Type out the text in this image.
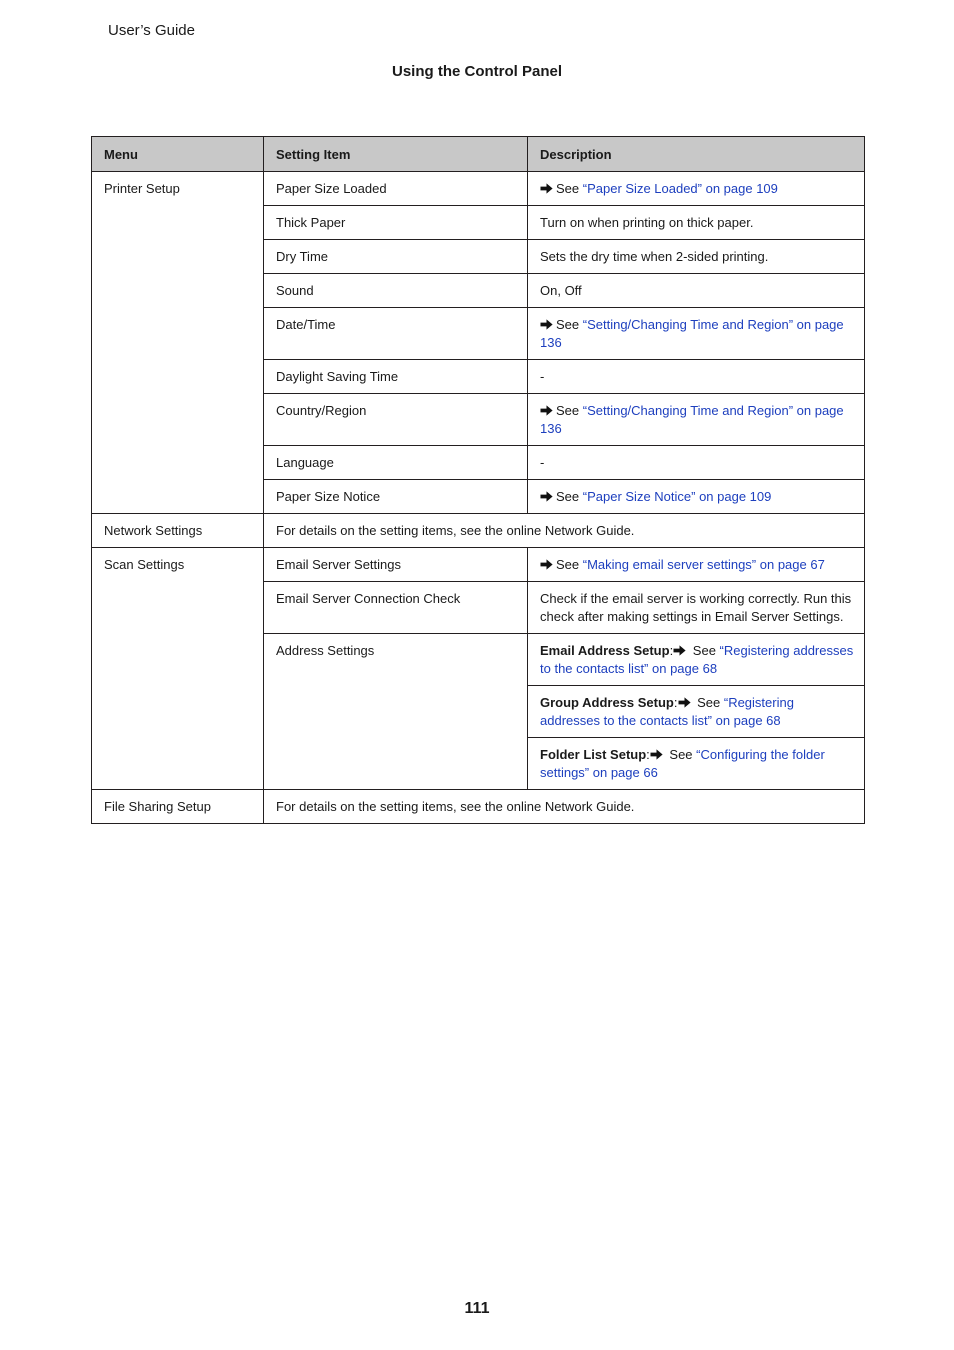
User’s Guide
Using the Control Panel
Menu	Setting Item	Description
Printer Setup	Paper Size Loaded	See “Paper Size Loaded” on page 109
	Thick Paper	Turn on when printing on thick paper.
	Dry Time	Sets the dry time when 2-sided printing.
	Sound	On, Off
	Date/Time	See “Setting/Changing Time and Region” on page 136
	Daylight Saving Time	-
	Country/Region	See “Setting/Changing Time and Region” on page 136
	Language	-
	Paper Size Notice	See “Paper Size Notice” on page 109
Network Settings	For details on the setting items, see the online Network Guide.	
Scan Settings	Email Server Settings	See “Making email server settings” on page 67
	Email Server Connection Check	Check if the email server is working correctly. Run this check after making settings in Email Server Settings.
	Address Settings	Email Address Setup: See “Registering addresses to the contacts list” on page 68
		Group Address Setup: See “Registering addresses to the contacts list” on page 68
		Folder List Setup: See “Configuring the folder settings” on page 66
File Sharing Setup	For details on the setting items, see the online Network Guide.	
111
